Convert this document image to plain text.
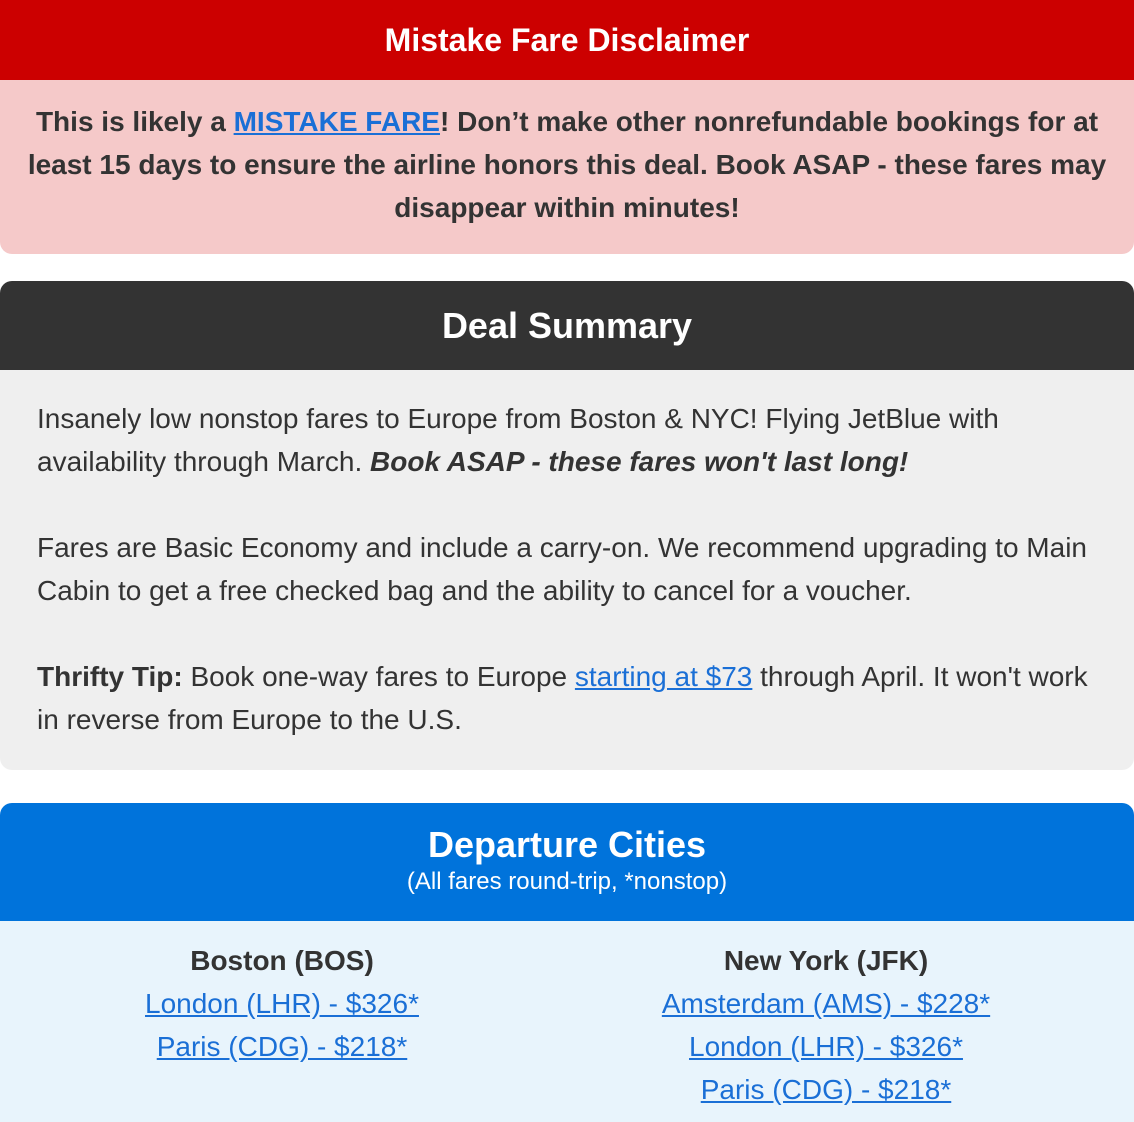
Mistake Fare Disclaimer
This is likely a MISTAKE FARE! Don’t make other nonrefundable bookings for at least 15 days to ensure the airline honors this deal. Book ASAP - these fares may disappear within minutes!
Deal Summary

Insanely low nonstop fares to Europe from Boston & NYC! Flying JetBlue with availability through March. Book ASAP - these fares won't last long!

Fares are Basic Economy and include a carry-on. We recommend upgrading to Main Cabin to get a free checked bag and the ability to cancel for a voucher.

Thrifty Tip: Book one-way fares to Europe starting at $73 through April. It won't work in reverse from Europe to the U.S.

Departure Cities
(All fares round-trip, *nonstop)
Boston (BOS)
London (LHR) - $326*
Paris (CDG) - $218*
New York (JFK)
Amsterdam (AMS) - $228*
London (LHR) - $326*
Paris (CDG) - $218*
